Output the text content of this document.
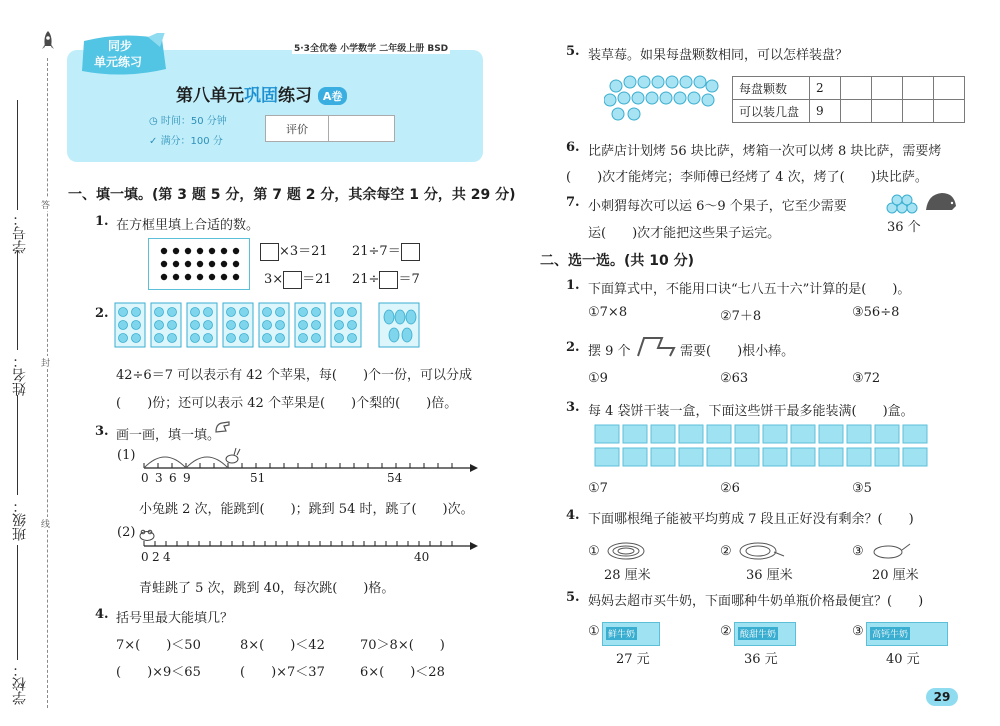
答
封
线
学号：
姓名：
班级：
学校：
同步
单元练习
5·3全优卷 小学数学 二年级上册 BSD
第八单元巩固练习 A卷
◷ 时间：50 分钟
✓ 满分：100 分
评价
一、填一填。(第 3 题 5 分，第 7 题 2 分，其余每空 1 分，共 29 分)
1. 在方框里填上合适的数。
×3＝21 21÷7＝
3× ＝21 21÷ ＝7
2.
42÷6＝7 可以表示有 42 个苹果，每(　　)个一份，可以分成
(　　)份；还可以表示 42 个苹果是(　　)个梨的(　　)倍。
3. 画一画，填一填。
(1)
0 3 6 9	51	54
小兔跳 2 次，能跳到(　　)；跳到 54 时，跳了(　　)次。
(2)
0 2 4	40
青蛙跳了 5 次，跳到 40，每次跳(　　)格。
4. 括号里最大能填几？
7×(　　)＜50	8×(　　)＜42	70＞8×(　　)
(　　)×9＜65	(　　)×7＜37	6×(　　)＜28
5. 装草莓。如果每盘颗数相同，可以怎样装盘？
每盘颗数	2				
可以装几盘	9				
6. 比萨店计划烤 56 块比萨，烤箱一次可以烤 8 块比萨，需要烤
(　　)次才能烤完；李师傅已经烤了 4 次，烤了(　　)块比萨。
7. 小刺猬每次可以运 6～9 个果子，它至少需要
运(　　)次才能把这些果子运完。	36 个
二、选一选。(共 10 分)
1. 下面算式中，不能用口诀“七八五十六”计算的是(　　)。
①7×8	②7＋8	③56÷8
2. 摆 9 个	需要(　　)根小棒。
①9	②63	③72
3. 每 4 袋饼干装一盒，下面这些饼干最多能装满(　　)盒。
①7	②6	③5
4. 下面哪根绳子能被平均剪成 7 段且正好没有剩余？(　　)
①
28 厘米
②
36 厘米
③
20 厘米
5. 妈妈去超市买牛奶，下面哪种牛奶单瓶价格最便宜？(　　)
① 鲜牛奶
27 元
② 酸甜牛奶
36 元
③ 高钙牛奶
40 元
29
